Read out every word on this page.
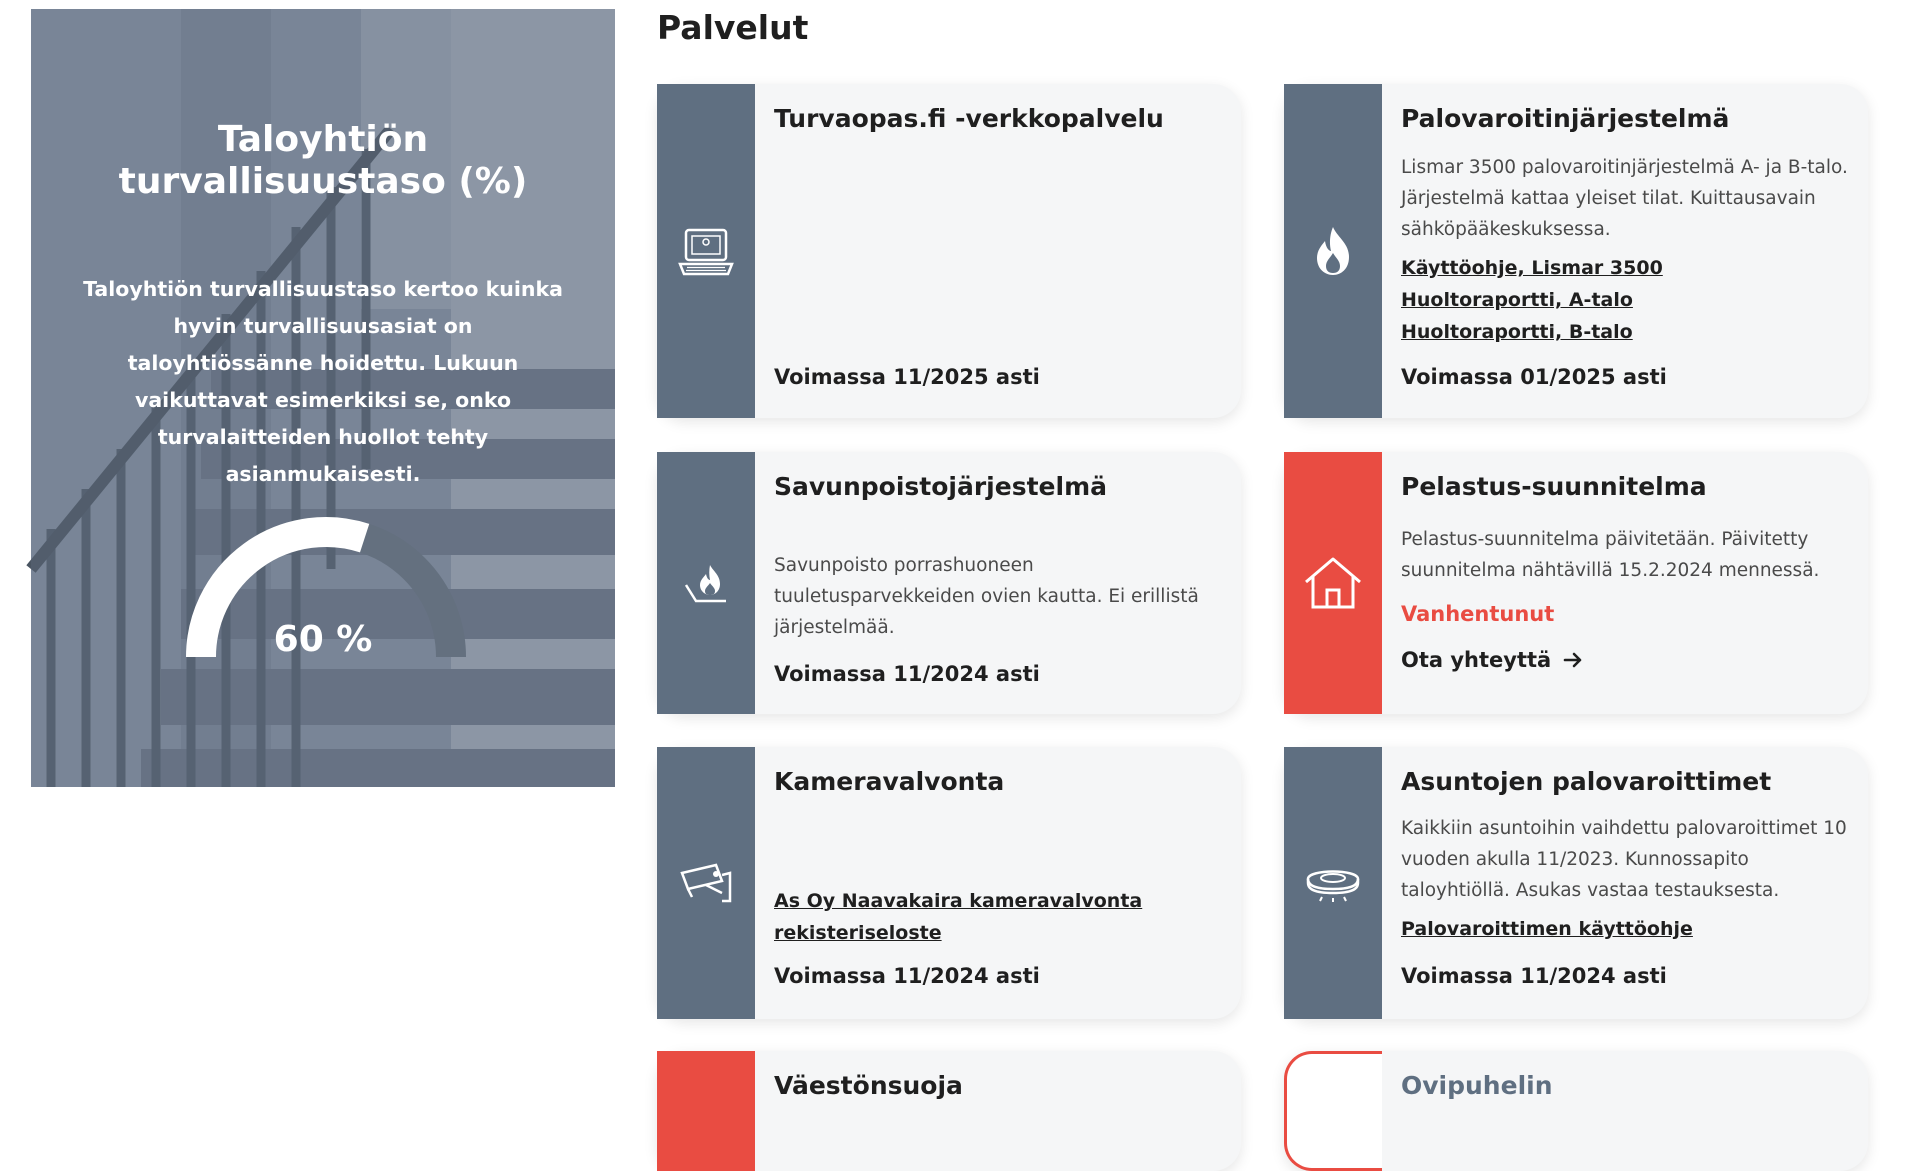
Taloyhtiön
turvallisuustaso (%)
Taloyhtiön turvallisuustaso kertoo kuinka hyvin turvallisuusasiat on taloyhtiössänne hoidettu. Lukuun vaikuttavat esimerkiksi se, onko turvalaitteiden huollot tehty asianmukaisesti.
60 %
Palvelut
Turvaopas.fi -verkkopalvelu
Voimassa 11/2025 asti
Palovaroitinjärjestelmä
Lismar 3500 palovaroitinjärjestelmä A- ja B-talo. Järjestelmä kattaa yleiset tilat. Kuittausavain sähköpääkeskuksessa.
Käyttöohje, Lismar 3500
Huoltoraportti, A-talo
Huoltoraportti, B-talo
Voimassa 01/2025 asti
Savunpoistojärjestelmä
Savunpoisto porrashuoneen tuuletusparvekkeiden ovien kautta. Ei erillistä järjestelmää.
Voimassa 11/2024 asti
Pelastus-suunnitelma
Pelastus-suunnitelma päivitetään. Päivitetty suunnitelma nähtävillä 15.2.2024 mennessä.
Vanhentunut
Ota yhteyttä
Kameravalvonta
As Oy Naavakaira kameravalvonta rekisteriseloste
Voimassa 11/2024 asti
Asuntojen palovaroittimet
Kaikkiin asuntoihin vaihdettu palovaroittimet 10 vuoden akulla 11/2023. Kunnossapito taloyhtiöllä. Asukas vastaa testauksesta.
Palovaroittimen käyttöohje
Voimassa 11/2024 asti
Väestönsuoja	Ovipuhelin
